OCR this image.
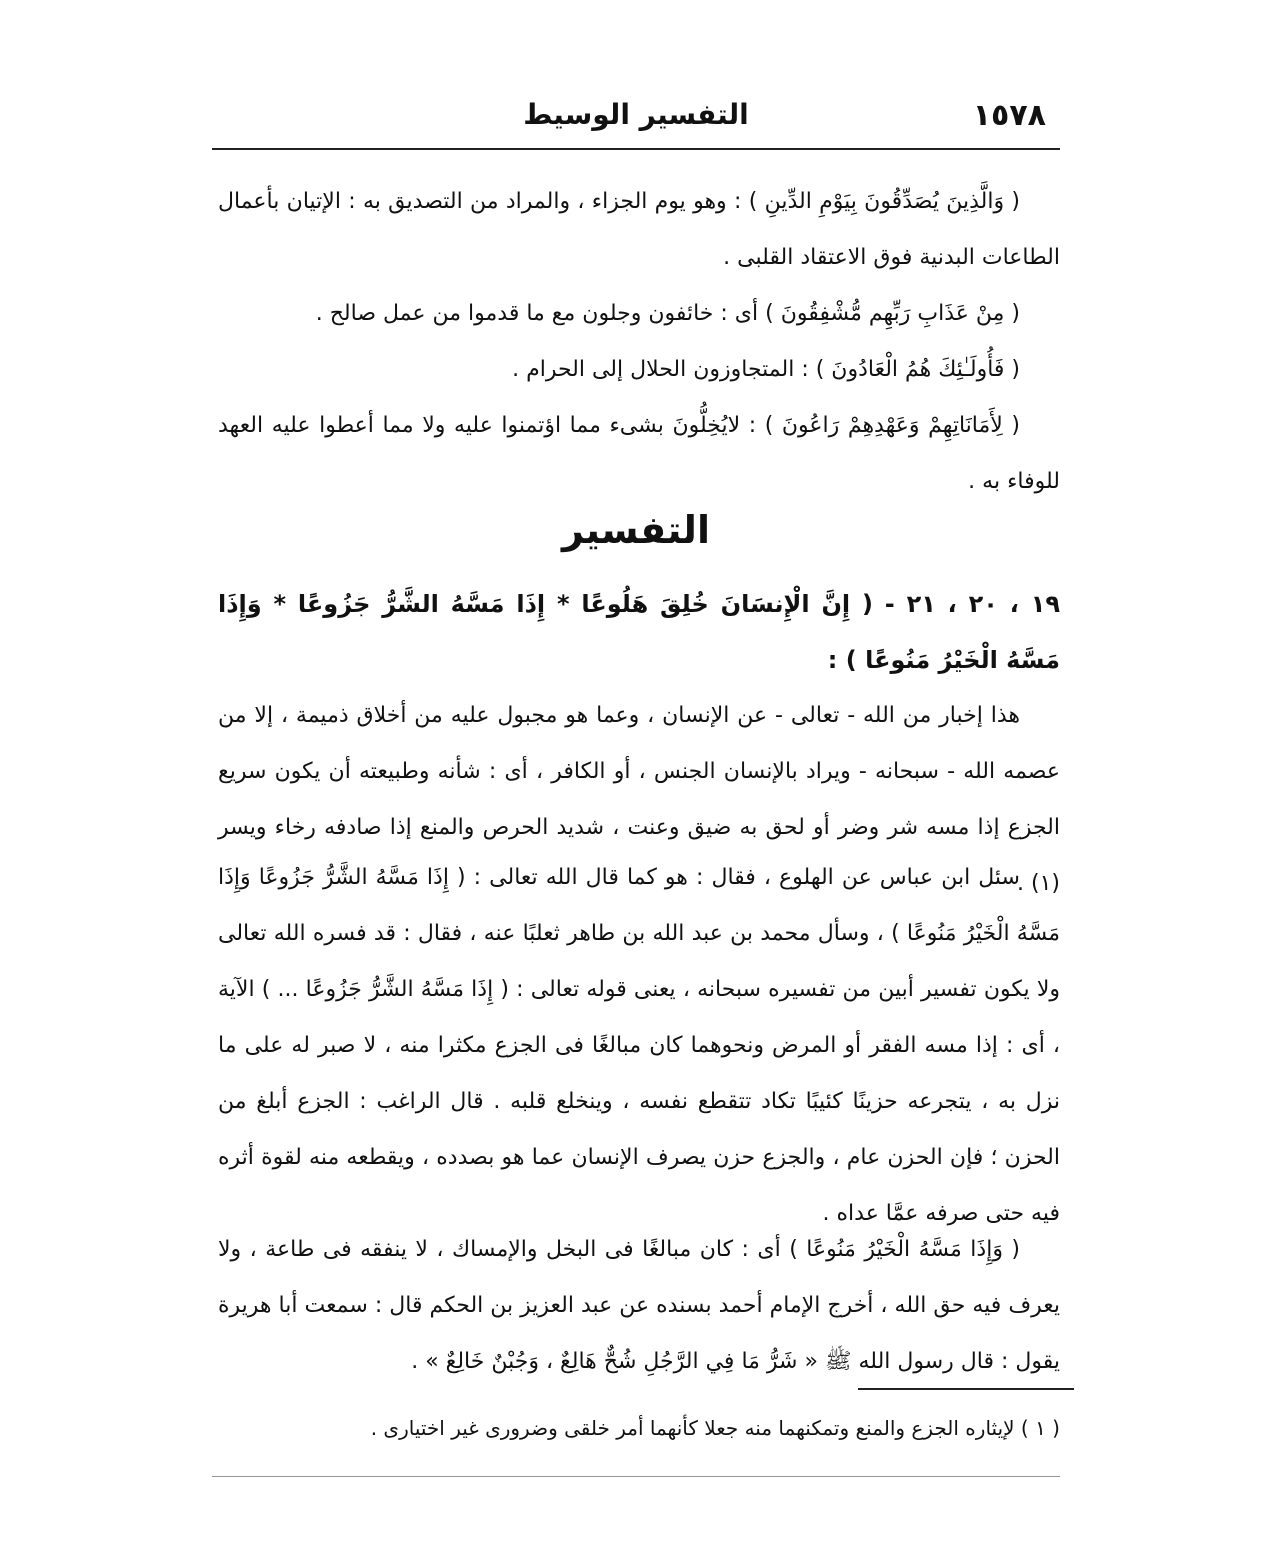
١٥٧٨
التفسير الوسيط

( وَالَّذِينَ يُصَدِّقُونَ بِيَوْمِ الدِّينِ ) : وهو يوم الجزاء ، والمراد من التصديق به : الإتيان بأعمال الطاعات البدنية فوق الاعتقاد القلبى .

( مِنْ عَذَابِ رَبِّهِم مُّشْفِقُونَ ) أى : خائفون وجلون مع ما قدموا من عمل صالح .

( فَأُولَـٰئِكَ هُمُ الْعَادُونَ ) : المتجاوزون الحلال إلى الحرام .

( لِأَمَانَاتِهِمْ وَعَهْدِهِمْ رَاعُونَ ) : لايُخِلُّونَ بشىء مما اؤتمنوا عليه ولا مما أعطوا عليه العهد للوفاء به .

التفسير

١٩ ، ٢٠ ، ٢١ - ( إِنَّ الْإِنسَانَ خُلِقَ هَلُوعًا * إِذَا مَسَّهُ الشَّرُّ جَزُوعًا * وَإِذَا مَسَّهُ الْخَيْرُ مَنُوعًا ) :

هذا إخبار من الله - تعالى - عن الإنسان ، وعما هو مجبول عليه من أخلاق ذميمة ، إلا من عصمه الله - سبحانه - ويراد بالإنسان الجنس ، أو الكافر ، أى : شأنه وطبيعته أن يكون سريع الجزع إذا مسه شر وضر أو لحق به ضيق وعنت ، شديد الحرص والمنع إذا صادفه رخاء ويسر (١) .

سئل ابن عباس عن الهلوع ، فقال : هو كما قال الله تعالى : ( إِذَا مَسَّهُ الشَّرُّ جَزُوعًا وَإِذَا مَسَّهُ الْخَيْرُ مَنُوعًا ) ، وسأل محمد بن عبد الله بن طاهر ثعلبًا عنه ، فقال : قد فسره الله تعالى ولا يكون تفسير أبين من تفسيره سبحانه ، يعنى قوله تعالى : ( إِذَا مَسَّهُ الشَّرُّ جَزُوعًا ... ) الآية ، أى : إذا مسه الفقر أو المرض ونحوهما كان مبالغًا فى الجزع مكثرا منه ، لا صبر له على ما نزل به ، يتجرعه حزينًا كئيبًا تكاد تتقطع نفسه ، وينخلع قلبه . قال الراغب : الجزع أبلغ من الحزن ؛ فإن الحزن عام ، والجزع حزن يصرف الإنسان عما هو بصدده ، ويقطعه منه لقوة أثره فيه حتى صرفه عمَّا عداه .

( وَإِذَا مَسَّهُ الْخَيْرُ مَنُوعًا ) أى : كان مبالغًا فى البخل والإمساك ، لا ينفقه فى طاعة ، ولا يعرف فيه حق الله ، أخرج الإمام أحمد بسنده عن عبد العزيز بن الحكم قال : سمعت أبا هريرة يقول : قال رسول الله ﷺ « شَرُّ مَا فِي الرَّجُلِ شُحٌّ هَالِعٌ ، وَجُبْنٌ خَالِعٌ » .

( ١ ) لإيثاره الجزع والمنع وتمكنهما منه جعلا كأنهما أمر خلقى وضرورى غير اختيارى .
